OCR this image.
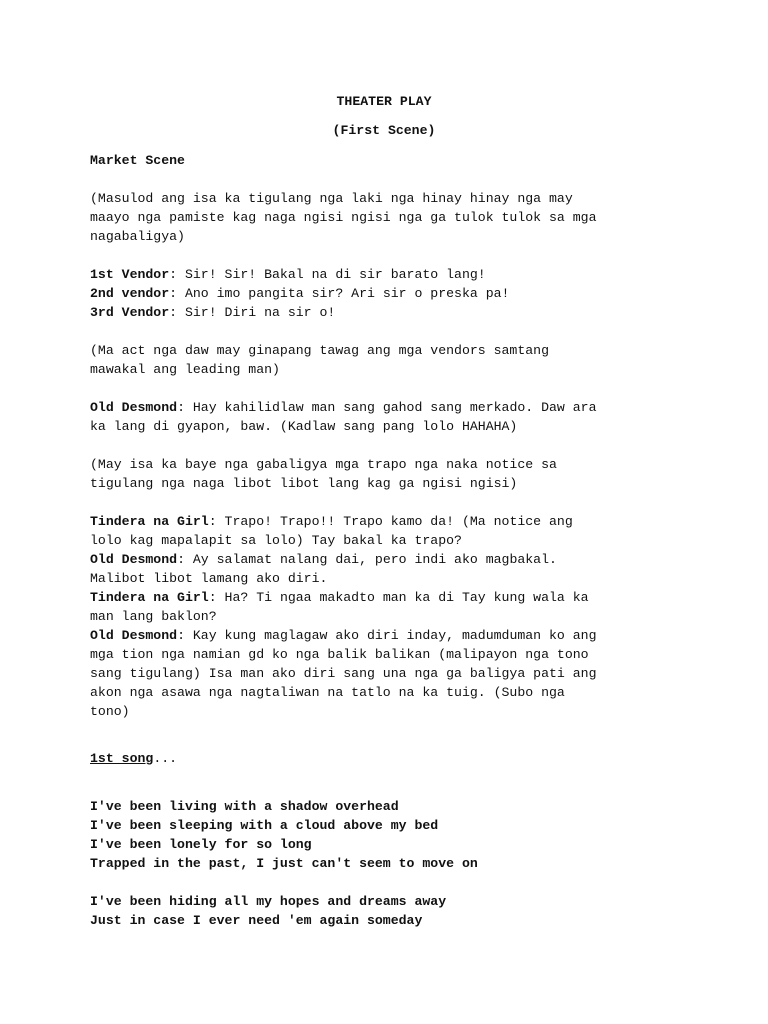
THEATER PLAY
(First Scene)
Market Scene
(Masulod ang isa ka tigulang nga laki nga hinay hinay nga may
maayo nga pamiste kag naga ngisi ngisi nga ga tulok tulok sa mga
nagabaligya)
1st Vendor: Sir! Sir! Bakal na di sir barato lang!
2nd vendor: Ano imo pangita sir? Ari sir o preska pa!
3rd Vendor: Sir! Diri na sir o!
(Ma act nga daw may ginapang tawag ang mga vendors samtang
mawakal ang leading man)
Old Desmond: Hay kahilidlaw man sang gahod sang merkado. Daw ara
ka lang di gyapon, baw. (Kadlaw sang pang lolo HAHAHA)
(May isa ka baye nga gabaligya mga trapo nga naka notice sa
tigulang nga naga libot libot lang kag ga ngisi ngisi)
Tindera na Girl: Trapo! Trapo!! Trapo kamo da! (Ma notice ang
lolo kag mapalapit sa lolo) Tay bakal ka trapo?
Old Desmond: Ay salamat nalang dai, pero indi ako magbakal.
Malibot libot lamang ako diri.
Tindera na Girl: Ha? Ti ngaa makadto man ka di Tay kung wala ka
man lang baklon?
Old Desmond: Kay kung maglagaw ako diri inday, madumduman ko ang
mga tion nga namian gd ko nga balik balikan (malipayon nga tono
sang tigulang) Isa man ako diri sang una nga ga baligya pati ang
akon nga asawa nga nagtaliwan na tatlo na ka tuig. (Subo nga
tono)
1st song...
I've been living with a shadow overhead
I've been sleeping with a cloud above my bed
I've been lonely for so long
Trapped in the past, I just can't seem to move on
I've been hiding all my hopes and dreams away
Just in case I ever need 'em again someday
